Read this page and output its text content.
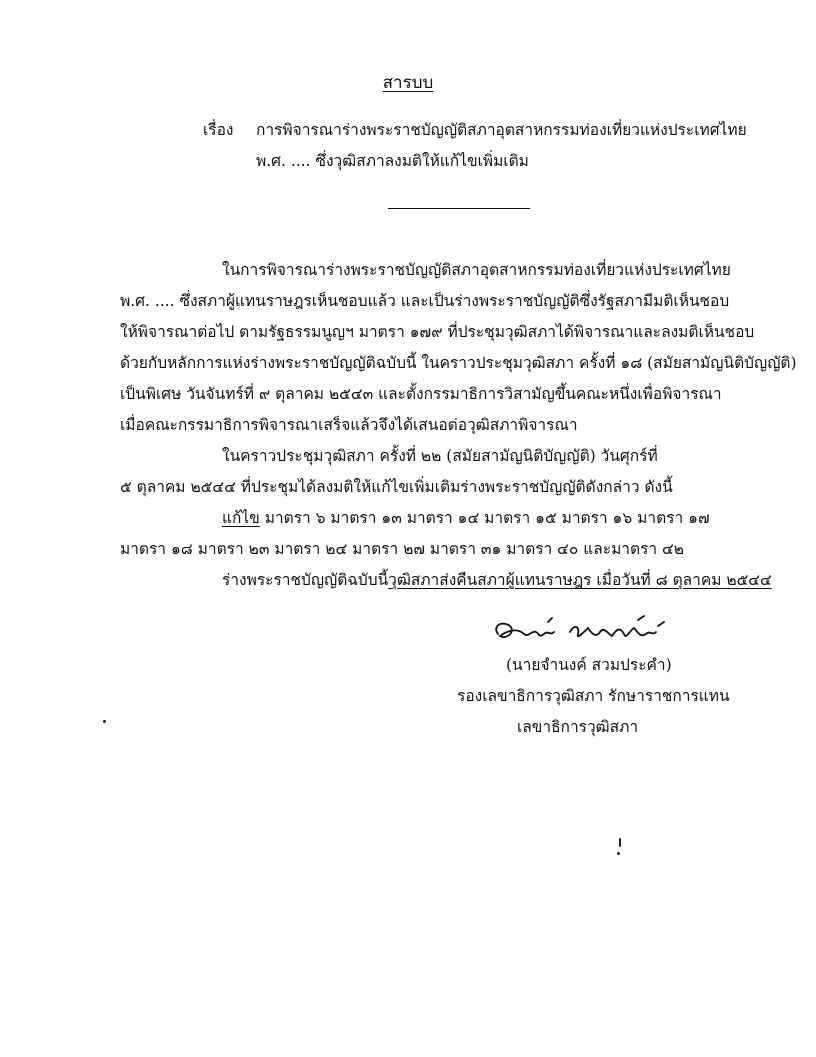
สารบบ
เรื่อง การพิจารณาร่างพระราชบัญญัติสภาอุตสาหกรรมท่องเที่ยวแห่งประเทศไทย
พ.ศ. .... ซึ่งวุฒิสภาลงมติให้แก้ไขเพิ่มเติม
ในการพิจารณาร่างพระราชบัญญัติสภาอุตสาหกรรมท่องเที่ยวแห่งประเทศไทย
พ.ศ. .... ซึ่งสภาผู้แทนราษฎรเห็นชอบแล้ว และเป็นร่างพระราชบัญญัติซึ่งรัฐสภามีมติเห็นชอบ
ให้พิจารณาต่อไป ตามรัฐธรรมนูญฯ มาตรา ๑๗๙ ที่ประชุมวุฒิสภาได้พิจารณาและลงมติเห็นชอบ
ด้วยกับหลักการแห่งร่างพระราชบัญญัติฉบับนี้ ในคราวประชุมวุฒิสภา ครั้งที่ ๑๘ (สมัยสามัญนิติบัญญัติ)
เป็นพิเศษ วันจันทร์ที่ ๙ ตุลาคม ๒๕๔๓ และตั้งกรรมาธิการวิสามัญขึ้นคณะหนึ่งเพื่อพิจารณา
เมื่อคณะกรรมาธิการพิจารณาเสร็จแล้วจึงได้เสนอต่อวุฒิสภาพิจารณา
ในคราวประชุมวุฒิสภา ครั้งที่ ๒๒ (สมัยสามัญนิติบัญญัติ) วันศุกร์ที่
๕ ตุลาคม ๒๕๔๔ ที่ประชุมได้ลงมติให้แก้ไขเพิ่มเติมร่างพระราชบัญญัติดังกล่าว ดังนี้
แก้ไข มาตรา ๖ มาตรา ๑๓ มาตรา ๑๔ มาตรา ๑๕ มาตรา ๑๖ มาตรา ๑๗
มาตรา ๑๘ มาตรา ๒๓ มาตรา ๒๔ มาตรา ๒๗ มาตรา ๓๑ มาตรา ๔๐ และมาตรา ๔๒
ร่างพระราชบัญญัติฉบับนี้วุฒิสภาส่งคืนสภาผู้แทนราษฎร เมื่อวันที่ ๘ ตุลาคม ๒๕๔๔
(นายจำนงค์ สวมประคำ)
รองเลขาธิการวุฒิสภา รักษาราชการแทน
เลขาธิการวุฒิสภา
